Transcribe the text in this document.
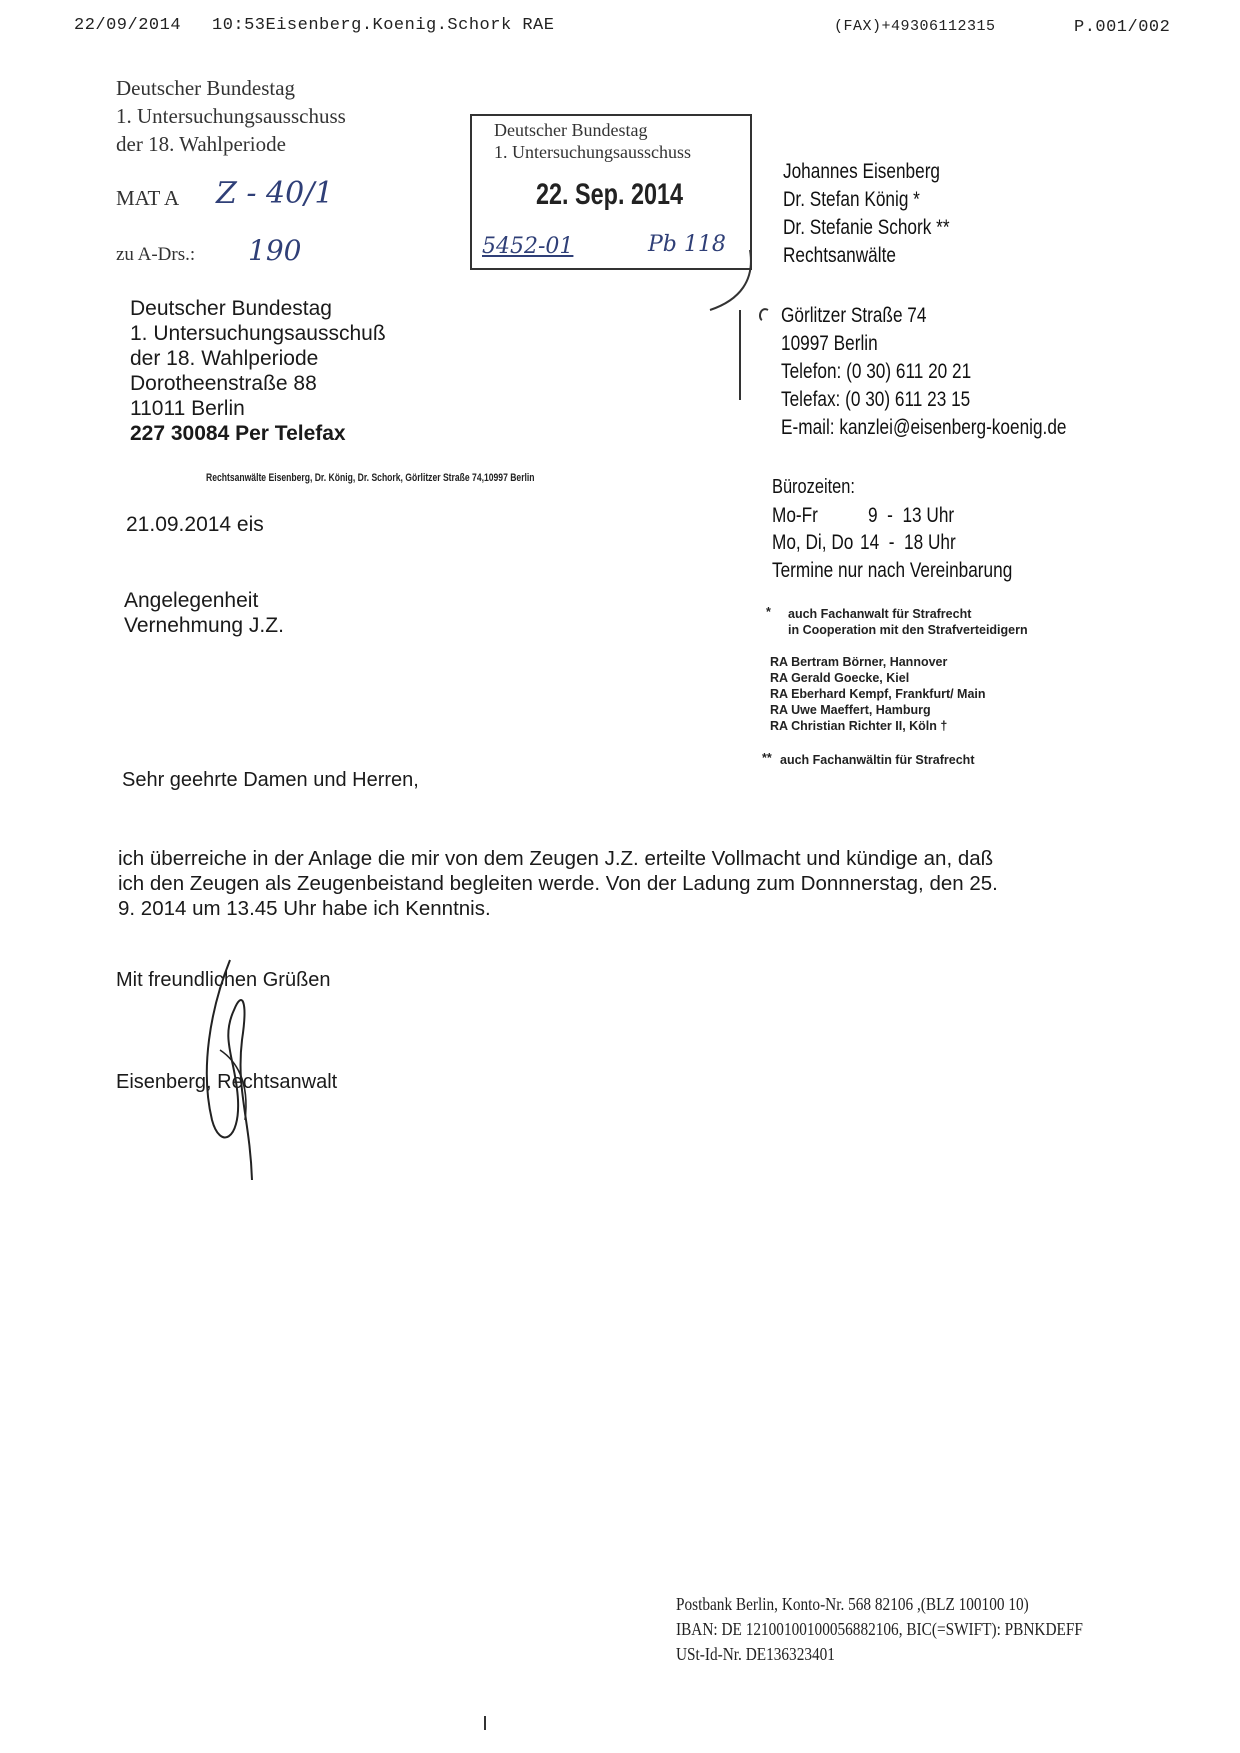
22/09/2014 10:53Eisenberg.Koenig.Schork RAE	(FAX)+49306112315	P.001/002
Deutscher Bundestag
1. Untersuchungsausschuss
der 18. Wahlperiode
MAT A Z - 40/1
zu A-Drs.: 190
Deutscher Bundestag
1. Untersuchungsausschuss
22. Sep. 2014
5452-01	Pb 118
Johannes Eisenberg
Dr. Stefan König *
Dr. Stefanie Schork **
Rechtsanwälte
Görlitzer Straße 74
10997 Berlin
Telefon: (0 30) 611 20 21
Telefax: (0 30) 611 23 15
E-mail: kanzlei@eisenberg-koenig.de
Bürozeiten:
Mo-Fr 9  -  13 Uhr
Mo, Di, Do 14  -  18 Uhr
Termine nur nach Vereinbarung
* auch Fachanwalt für Strafrecht
in Cooperation mit den Strafverteidigern
RA Bertram Börner, Hannover
RA Gerald Goecke, Kiel
RA Eberhard Kempf, Frankfurt/ Main
RA Uwe Maeffert, Hamburg
RA Christian Richter II, Köln †
** auch Fachanwältin für Strafrecht
Deutscher Bundestag
1. Untersuchungsausschuß
der 18. Wahlperiode
Dorotheenstraße 88
11011 Berlin
227 30084 Per Telefax
Rechtsanwälte Eisenberg, Dr. König, Dr. Schork, Görlitzer Straße 74,10997 Berlin
21.09.2014 eis
Angelegenheit
Vernehmung J.Z.
Sehr geehrte Damen und Herren,
ich überreiche in der Anlage die mir von dem Zeugen J.Z. erteilte Vollmacht und kündige an, daß
ich den Zeugen als Zeugenbeistand begleiten werde. Von der Ladung zum Donnnerstag, den 25.
9. 2014 um 13.45 Uhr habe ich Kenntnis.
Mit freundlichen Grüßen
Eisenberg, Rechtsanwalt
Postbank Berlin, Konto-Nr. 568 82106 ,(BLZ 100100 10)
IBAN: DE 12100100100056882106, BIC(=SWIFT): PBNKDEFF
USt-Id-Nr. DE136323401
